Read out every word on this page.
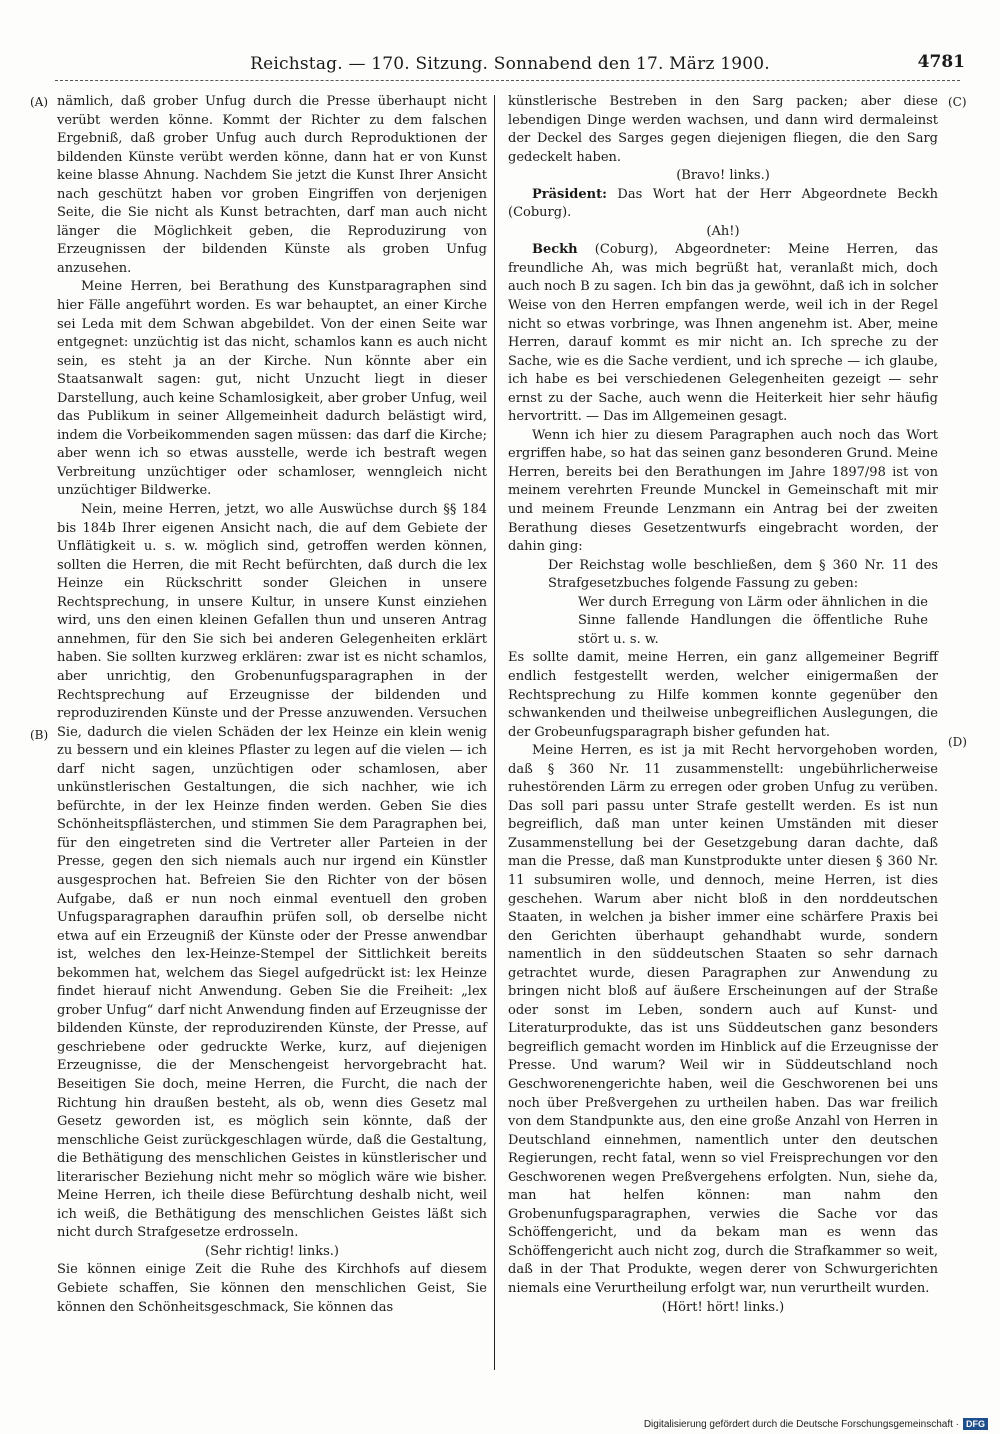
Reichstag. — 170. Sitzung. Sonnabend den 17. März 1900.	4781
(A)
(B)
(C)
(D)

nämlich, daß grober Unfug durch die Presse überhaupt nicht verübt werden könne. Kommt der Richter zu dem falschen Ergebniß, daß grober Unfug auch durch Reproduktionen der bildenden Künste verübt werden könne, dann hat er von Kunst keine blasse Ahnung. Nachdem Sie jetzt die Kunst Ihrer Ansicht nach geschützt haben vor groben Eingriffen von derjenigen Seite, die Sie nicht als Kunst betrachten, darf man auch nicht länger die Möglichkeit geben, die Reproduzirung von Erzeugnissen der bildenden Künste als groben Unfug anzusehen.

Meine Herren, bei Berathung des Kunstparagraphen sind hier Fälle angeführt worden. Es war behauptet, an einer Kirche sei Leda mit dem Schwan abgebildet. Von der einen Seite war entgegnet: unzüchtig ist das nicht, schamlos kann es auch nicht sein, es steht ja an der Kirche. Nun könnte aber ein Staatsanwalt sagen: gut, nicht Unzucht liegt in dieser Darstellung, auch keine Schamlosigkeit, aber grober Unfug, weil das Publikum in seiner Allgemeinheit dadurch belästigt wird, indem die Vorbeikommenden sagen müssen: das darf die Kirche; aber wenn ich so etwas ausstelle, werde ich bestraft wegen Verbreitung unzüchtiger oder schamloser, wenngleich nicht unzüchtiger Bildwerke.

Nein, meine Herren, jetzt, wo alle Auswüchse durch §§ 184 bis 184b Ihrer eigenen Ansicht nach, die auf dem Gebiete der Unflätigkeit u. s. w. möglich sind, getroffen werden können, sollten die Herren, die mit Recht befürchten, daß durch die lex Heinze ein Rückschritt sonder Gleichen in unsere Rechtsprechung, in unsere Kultur, in unsere Kunst einziehen wird, uns den einen kleinen Gefallen thun und unseren Antrag annehmen, für den Sie sich bei anderen Gelegenheiten erklärt haben. Sie sollten kurzweg erklären: zwar ist es nicht schamlos, aber unrichtig, den Grobenunfugsparagraphen in der Rechtsprechung auf Erzeugnisse der bildenden und reproduzirenden Künste und der Presse anzuwenden. Versuchen Sie, dadurch die vielen Schäden der lex Heinze ein klein wenig zu bessern und ein kleines Pflaster zu legen auf die vielen — ich darf nicht sagen, unzüchtigen oder schamlosen, aber unkünstlerischen Gestaltungen, die sich nachher, wie ich befürchte, in der lex Heinze finden werden. Geben Sie dies Schönheitspflästerchen, und stimmen Sie dem Paragraphen bei, für den eingetreten sind die Vertreter aller Parteien in der Presse, gegen den sich niemals auch nur irgend ein Künstler ausgesprochen hat. Befreien Sie den Richter von der bösen Aufgabe, daß er nun noch einmal eventuell den groben Unfugsparagraphen daraufhin prüfen soll, ob derselbe nicht etwa auf ein Erzeugniß der Künste oder der Presse anwendbar ist, welches den lex-Heinze-Stempel der Sittlichkeit bereits bekommen hat, welchem das Siegel aufgedrückt ist: lex Heinze findet hierauf nicht Anwendung. Geben Sie die Freiheit: „lex grober Unfug“ darf nicht Anwendung finden auf Erzeugnisse der bildenden Künste, der reproduzirenden Künste, der Presse, auf geschriebene oder gedruckte Werke, kurz, auf diejenigen Erzeugnisse, die der Menschengeist hervorgebracht hat. Beseitigen Sie doch, meine Herren, die Furcht, die nach der Richtung hin draußen besteht, als ob, wenn dies Gesetz mal Gesetz geworden ist, es möglich sein könnte, daß der menschliche Geist zurückgeschlagen würde, daß die Gestaltung, die Bethätigung des menschlichen Geistes in künstlerischer und literarischer Beziehung nicht mehr so möglich wäre wie bisher. Meine Herren, ich theile diese Befürchtung deshalb nicht, weil ich weiß, die Bethätigung des menschlichen Geistes läßt sich nicht durch Strafgesetze erdrosseln.

(Sehr richtig! links.)

Sie können einige Zeit die Ruhe des Kirchhofs auf diesem Gebiete schaffen, Sie können den menschlichen Geist, Sie können den Schönheitsgeschmack, Sie können das

künstlerische Bestreben in den Sarg packen; aber diese lebendigen Dinge werden wachsen, und dann wird dermaleinst der Deckel des Sarges gegen diejenigen fliegen, die den Sarg gedeckelt haben.

(Bravo! links.)

Präsident: Das Wort hat der Herr Abgeordnete Beckh (Coburg).

(Ah!)

Beckh (Coburg), Abgeordneter: Meine Herren, das freundliche Ah, was mich begrüßt hat, veranlaßt mich, doch auch noch B zu sagen. Ich bin das ja gewöhnt, daß ich in solcher Weise von den Herren empfangen werde, weil ich in der Regel nicht so etwas vorbringe, was Ihnen angenehm ist. Aber, meine Herren, darauf kommt es mir nicht an. Ich spreche zu der Sache, wie es die Sache verdient, und ich spreche — ich glaube, ich habe es bei verschiedenen Gelegenheiten gezeigt — sehr ernst zu der Sache, auch wenn die Heiterkeit hier sehr häufig hervortritt. — Das im Allgemeinen gesagt.

Wenn ich hier zu diesem Paragraphen auch noch das Wort ergriffen habe, so hat das seinen ganz besonderen Grund. Meine Herren, bereits bei den Berathungen im Jahre 1897/98 ist von meinem verehrten Freunde Munckel in Gemeinschaft mit mir und meinem Freunde Lenzmann ein Antrag bei der zweiten Berathung dieses Gesetzentwurfs eingebracht worden, der dahin ging:

Der Reichstag wolle beschließen, dem § 360 Nr. 11 des Strafgesetzbuches folgende Fassung zu geben:
Wer durch Erregung von Lärm oder ähnlichen in die Sinne fallende Handlungen die öffentliche Ruhe stört u. s. w.

Es sollte damit, meine Herren, ein ganz allgemeiner Begriff endlich festgestellt werden, welcher einigermaßen der Rechtsprechung zu Hilfe kommen konnte gegenüber den schwankenden und theilweise unbegreiflichen Auslegungen, die der Grobeunfugsparagraph bisher gefunden hat.

Meine Herren, es ist ja mit Recht hervorgehoben worden, daß § 360 Nr. 11 zusammenstellt: ungebührlicherweise ruhestörenden Lärm zu erregen oder groben Unfug zu verüben. Das soll pari passu unter Strafe gestellt werden. Es ist nun begreiflich, daß man unter keinen Umständen mit dieser Zusammenstellung bei der Gesetzgebung daran dachte, daß man die Presse, daß man Kunstprodukte unter diesen § 360 Nr. 11 subsumiren wolle, und dennoch, meine Herren, ist dies geschehen. Warum aber nicht bloß in den norddeutschen Staaten, in welchen ja bisher immer eine schärfere Praxis bei den Gerichten überhaupt gehandhabt wurde, sondern namentlich in den süddeutschen Staaten so sehr darnach getrachtet wurde, diesen Paragraphen zur Anwendung zu bringen nicht bloß auf äußere Erscheinungen auf der Straße oder sonst im Leben, sondern auch auf Kunst- und Literaturprodukte, das ist uns Süddeutschen ganz besonders begreiflich gemacht worden im Hinblick auf die Erzeugnisse der Presse. Und warum? Weil wir in Süddeutschland noch Geschworenengerichte haben, weil die Geschworenen bei uns noch über Preßvergehen zu urtheilen haben. Das war freilich von dem Standpunkte aus, den eine große Anzahl von Herren in Deutschland einnehmen, namentlich unter den deutschen Regierungen, recht fatal, wenn so viel Freisprechungen vor den Geschworenen wegen Preßvergehens erfolgten. Nun, siehe da, man hat helfen können: man nahm den Grobenunfugsparagraphen, verwies die Sache vor das Schöffengericht, und da bekam man es wenn das Schöffengericht auch nicht zog, durch die Strafkammer so weit, daß in der That Produkte, wegen derer von Schwurgerichten niemals eine Verurtheilung erfolgt war, nun verurtheilt wurden.

(Hört! hört! links.)
Digitalisierung gefördert durch die Deutsche Forschungsgemeinschaft · DFG
